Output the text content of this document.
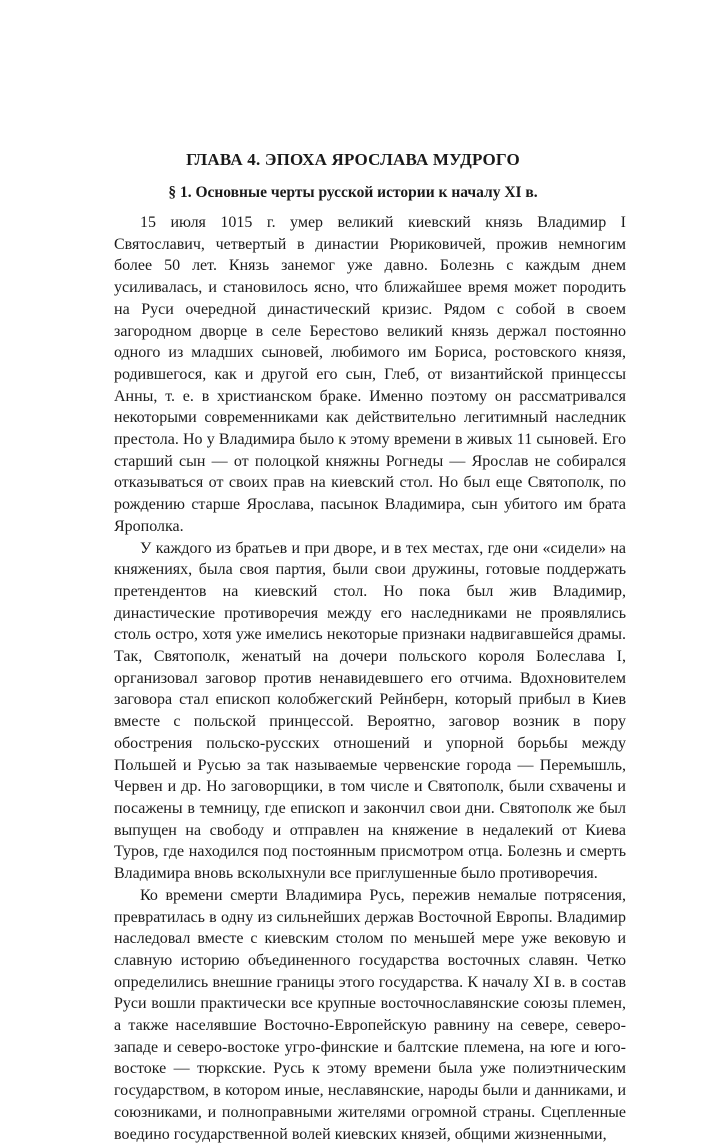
ГЛАВА 4. ЭПОХА ЯРОСЛАВА МУДРОГО
§ 1. Основные черты русской истории к началу XI в.

15 июля 1015 г. умер великий киевский князь Владимир I Святославич, четвертый в династии Рюриковичей, прожив немногим более 50 лет. Князь занемог уже давно. Болезнь с каждым днем усиливалась, и становилось ясно, что ближайшее время может породить на Руси очередной династический кризис. Рядом с собой в своем загородном дворце в селе Берестово великий князь держал постоянно одного из младших сыновей, любимого им Бориса, ростовского князя, родившегося, как и другой его сын, Глеб, от византийской принцессы Анны, т. е. в христианском браке. Именно поэтому он рассматривался некоторыми современниками как действительно легитимный наследник престола. Но у Владимира было к этому времени в живых 11 сыновей. Его старший сын — от полоцкой княжны Рогнеды — Ярослав не собирался отказываться от своих прав на киевский стол. Но был еще Святополк, по рождению старше Ярослава, пасынок Владимира, сын убитого им брата Ярополка.

У каждого из братьев и при дворе, и в тех местах, где они «сидели» на княжениях, была своя партия, были свои дружины, готовые поддержать претендентов на киевский стол. Но пока был жив Владимир, династические противоречия между его наследниками не проявлялись столь остро, хотя уже имелись некоторые признаки надвигавшейся драмы. Так, Святополк, женатый на дочери польского короля Болеслава I, организовал заговор против ненавидевшего его отчима. Вдохновителем заговора стал епископ колобжегский Рейнберн, который прибыл в Киев вместе с польской принцессой. Вероятно, заговор возник в пору обострения польско-русских отношений и упорной борьбы между Польшей и Русью за так называемые червенские города — Перемышль, Червен и др. Но заговорщики, в том числе и Святополк, были схвачены и посажены в темницу, где епископ и закончил свои дни. Святополк же был выпущен на свободу и отправлен на княжение в недалекий от Киева Туров, где находился под постоянным присмотром отца. Болезнь и смерть Владимира вновь всколыхнули все приглушенные было противоречия.

Ко времени смерти Владимира Русь, пережив немалые потрясения, превратилась в одну из сильнейших держав Восточной Европы. Владимир наследовал вместе с киевским столом по меньшей мере уже вековую и славную историю объединенного государства восточных славян. Четко определились внешние границы этого государства. К началу XI в. в состав Руси вошли практически все крупные восточнославянские союзы племен, а также населявшие Восточно-Европейскую равнину на севере, северо-западе и северо-востоке угро-финские и балтские племена, на юге и юго-востоке — тюркские. Русь к этому времени была уже полиэтническим государством, в котором иные, неславянские, народы были и данниками, и союзниками, и полноправными жителями огромной страны. Сцепленные воедино государственной волей киевских князей, общими жизненными,
